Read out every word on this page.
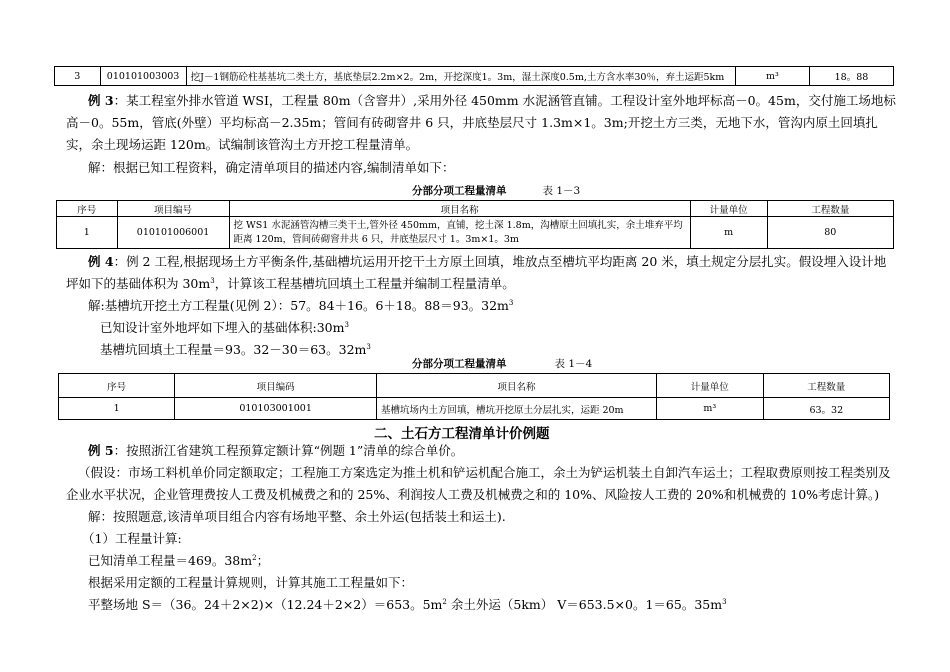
3	010101003003	挖J－1钢筋砼柱基基坑二类土方，基底垫层2.2m×2。2m，开挖深度1。3m，湿土深度0.5m,土方含水率30％，弃土运距5km	m³	18。88
例 3：某工程室外排水管道 WSI，工程量 80m（含窨井）,采用外径 450mm 水泥涵管直铺。工程设计室外地坪标高－0。45m，交付施工场地标高－0。55m，管底(外壁）平均标高－2.35m；管间有砖砌窨井 6 只，井底垫层尺寸 1.3m×1。3m;开挖土方三类，无地下水，管沟内原土回填扎实，余土现场运距 120m。试编制该管沟土方开挖工程量清单。
解：根据已知工程资料，确定清单项目的描述内容,编制清单如下：
分部分项工程量清单	表 1－3
序号	项目编号	项目名称	计量单位	工程数量
1	010101006001	挖 WS1 水泥涵管沟槽三类干土,管外径 450mm，直铺，挖土深 1.8m，沟槽原土回填扎实，余土堆弃平均距离 120m，管间砖砌窨井共 6 只，井底垫层尺寸 1。3m×1。3m	m	80
例 4：例 2 工程,根据现场土方平衡条件,基础槽坑运用开挖干土方原土回填，堆放点至槽坑平均距离 20 米，填土规定分层扎实。假设埋入设计地坪如下的基础体积为 $30m^3$，计算该工程基槽坑回填土工程量并编制工程量清单。
解:基槽坑开挖土方工程量(见例 2）：57。84＋16。6＋18。88＝93。$32m^3$
已知设计室外地坪如下埋入的基础体积$:30m^3$
基槽坑回填土工程量＝93。32－30＝63。$32m^3$
分部分项工程量清单	表 1－4
序号	项目编码	项目名称	计量单位	工程数量
1	010103001001	基槽坑场内土方回填，槽坑开挖原土分层扎实，运距 20m	m³	63。32
二、土石方工程清单计价例题
例 5：按照浙江省建筑工程预算定额计算“例题 1”清单的综合单价。
（假设：市场工料机单价同定额取定；工程施工方案选定为推土机和铲运机配合施工，余土为铲运机装土自卸汽车运土；工程取费原则按工程类别及企业水平状况，企业管理费按人工费及机械费之和的 25%、利润按人工费及机械费之和的 10%、风险按人工费的 20%和机械费的 10%考虑计算。)
解：按照题意,该清单项目组合内容有场地平整、余土外运(包括装土和运土).
（1）工程量计算:
已知清单工程量＝469。$38m^2$；
根据采用定额的工程量计算规则，计算其施工工程量如下：
平整场地 S＝（36。24＋2×2)×（12.24＋2×2）＝653。$5m^2$ 余土外运（5km） V＝653.5×0。1＝65。$35m^3$
